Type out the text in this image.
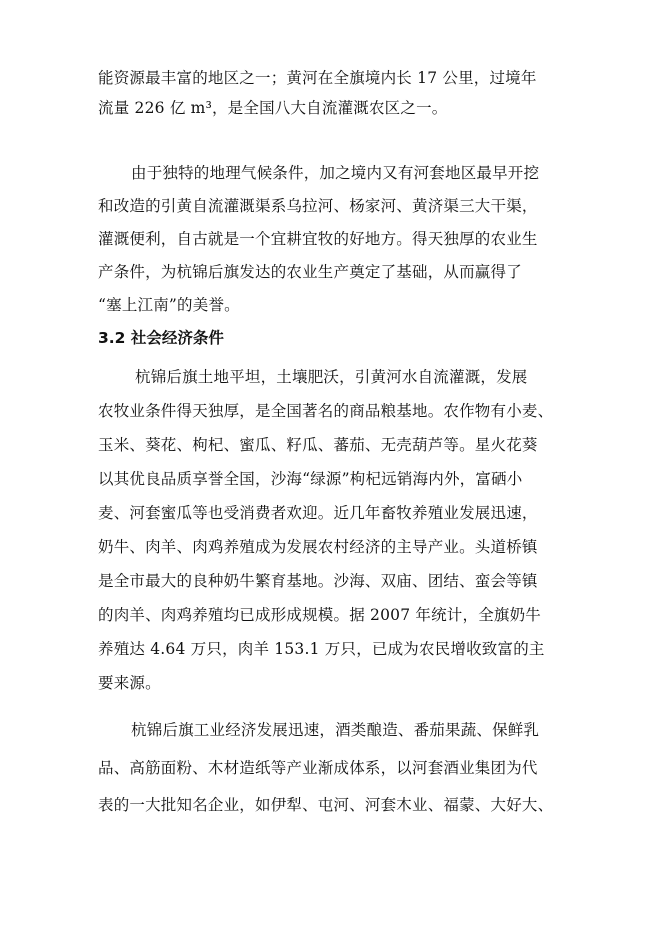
能资源最丰富的地区之一；黄河在全旗境内长 17 公里，过境年
流量 226 亿 m³，是全国八大自流灌溉农区之一。
由于独特的地理气候条件，加之境内又有河套地区最早开挖
和改造的引黄自流灌溉渠系乌拉河、杨家河、黄济渠三大干渠，
灌溉便利，自古就是一个宜耕宜牧的好地方。得天独厚的农业生
产条件，为杭锦后旗发达的农业生产奠定了基础，从而赢得了
“塞上江南”的美誉。
3.2 社会经济条件
杭锦后旗土地平坦，土壤肥沃，引黄河水自流灌溉，发展
农牧业条件得天独厚，是全国著名的商品粮基地。农作物有小麦、
玉米、葵花、枸杞、蜜瓜、籽瓜、蕃茄、无壳葫芦等。星火花葵
以其优良品质享誉全国，沙海“绿源”枸杞远销海内外，富硒小
麦、河套蜜瓜等也受消费者欢迎。近几年畜牧养殖业发展迅速，
奶牛、肉羊、肉鸡养殖成为发展农村经济的主导产业。头道桥镇
是全市最大的良种奶牛繁育基地。沙海、双庙、团结、蛮会等镇
的肉羊、肉鸡养殖均已成形成规模。据 2007 年统计，全旗奶牛
养殖达 4.64 万只，肉羊 153.1 万只，已成为农民增收致富的主
要来源。
杭锦后旗工业经济发展迅速，酒类酿造、番茄果蔬、保鲜乳
品、高筋面粉、木材造纸等产业渐成体系，以河套酒业集团为代
表的一大批知名企业，如伊犁、屯河、河套木业、福蒙、大好大、
